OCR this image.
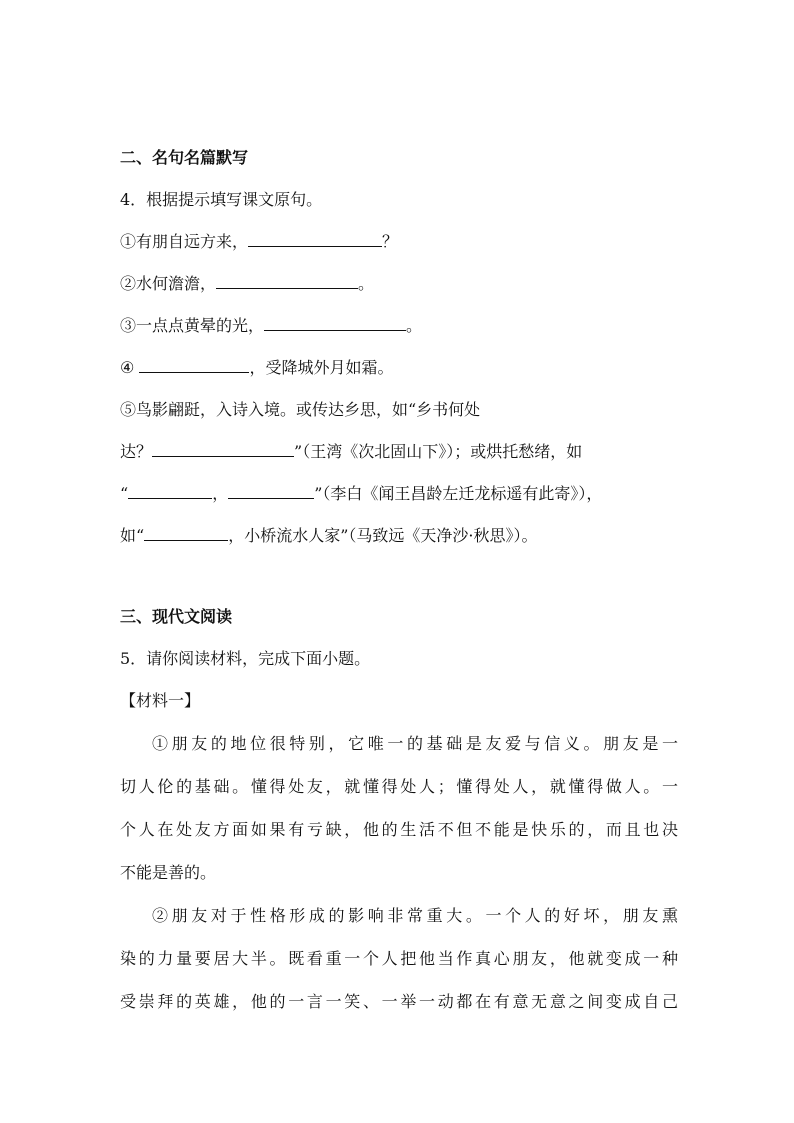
二、名句名篇默写
4．根据提示填写课文原句。
①有朋自远方来，	？
②水何澹澹，	。
③一点点黄晕的光，	。
④	，受降城外月如霜。
⑤鸟影翩跹，入诗入境。或传达乡思，如“乡书何处
达？	”（王湾《次北固山下》）；或烘托愁绪，如
“	，	”（李白《闻王昌龄左迁龙标遥有此寄》），
如“	，小桥流水人家”（马致远《天净沙·秋思》）。
三、现代文阅读
5．请你阅读材料，完成下面小题。
【材料一】
①朋友的地位很特别，它唯一的基础是友爱与信义。朋友是一
切人伦的基础。懂得处友，就懂得处人；懂得处人，就懂得做人。一
个人在处友方面如果有亏缺，他的生活不但不能是快乐的，而且也决
不能是善的。
②朋友对于性格形成的影响非常重大。一个人的好坏，朋友熏
染的力量要居大半。既看重一个人把他当作真心朋友，他就变成一种
受崇拜的英雄，他的一言一笑、一举一动都在有意无意之间变成自己
